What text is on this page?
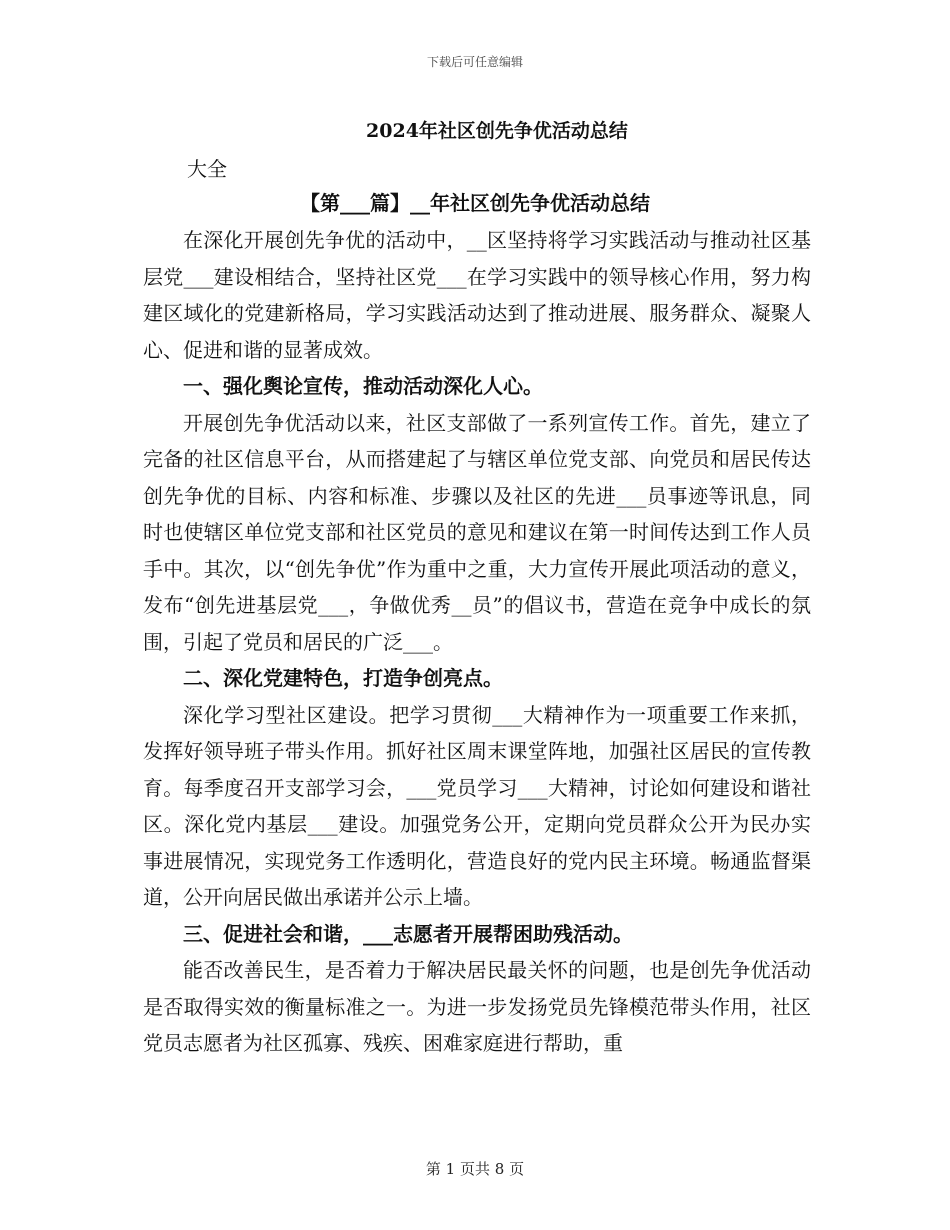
下载后可任意编辑
2024年社区创先争优活动总结
大全
【第___篇】__年社区创先争优活动总结

在深化开展创先争优的活动中，__区坚持将学习实践活动与推动社区基层党___建设相结合，坚持社区党___在学习实践中的领导核心作用，努力构建区域化的党建新格局，学习实践活动达到了推动进展、服务群众、凝聚人心、促进和谐的显著成效。

一、强化舆论宣传，推动活动深化人心。

开展创先争优活动以来，社区支部做了一系列宣传工作。首先，建立了完备的社区信息平台，从而搭建起了与辖区单位党支部、向党员和居民传达创先争优的目标、内容和标准、步骤以及社区的先进___员事迹等讯息，同时也使辖区单位党支部和社区党员的意见和建议在第一时间传达到工作人员手中。其次，以“创先争优”作为重中之重，大力宣传开展此项活动的意义，发布“创先进基层党___，争做优秀__员”的倡议书，营造在竞争中成长的氛围，引起了党员和居民的广泛___。

二、深化党建特色，打造争创亮点。

深化学习型社区建设。把学习贯彻___大精神作为一项重要工作来抓，发挥好领导班子带头作用。抓好社区周末课堂阵地，加强社区居民的宣传教育。每季度召开支部学习会，___党员学习___大精神，讨论如何建设和谐社区。深化党内基层___建设。加强党务公开，定期向党员群众公开为民办实事进展情况，实现党务工作透明化，营造良好的党内民主环境。畅通监督渠道，公开向居民做出承诺并公示上墙。

三、促进社会和谐，___志愿者开展帮困助残活动。

能否改善民生，是否着力于解决居民最关怀的问题，也是创先争优活动是否取得实效的衡量标准之一。为进一步发扬党员先锋模范带头作用，社区党员志愿者为社区孤寡、残疾、困难家庭进行帮助，重

第 1 页共 8 页
